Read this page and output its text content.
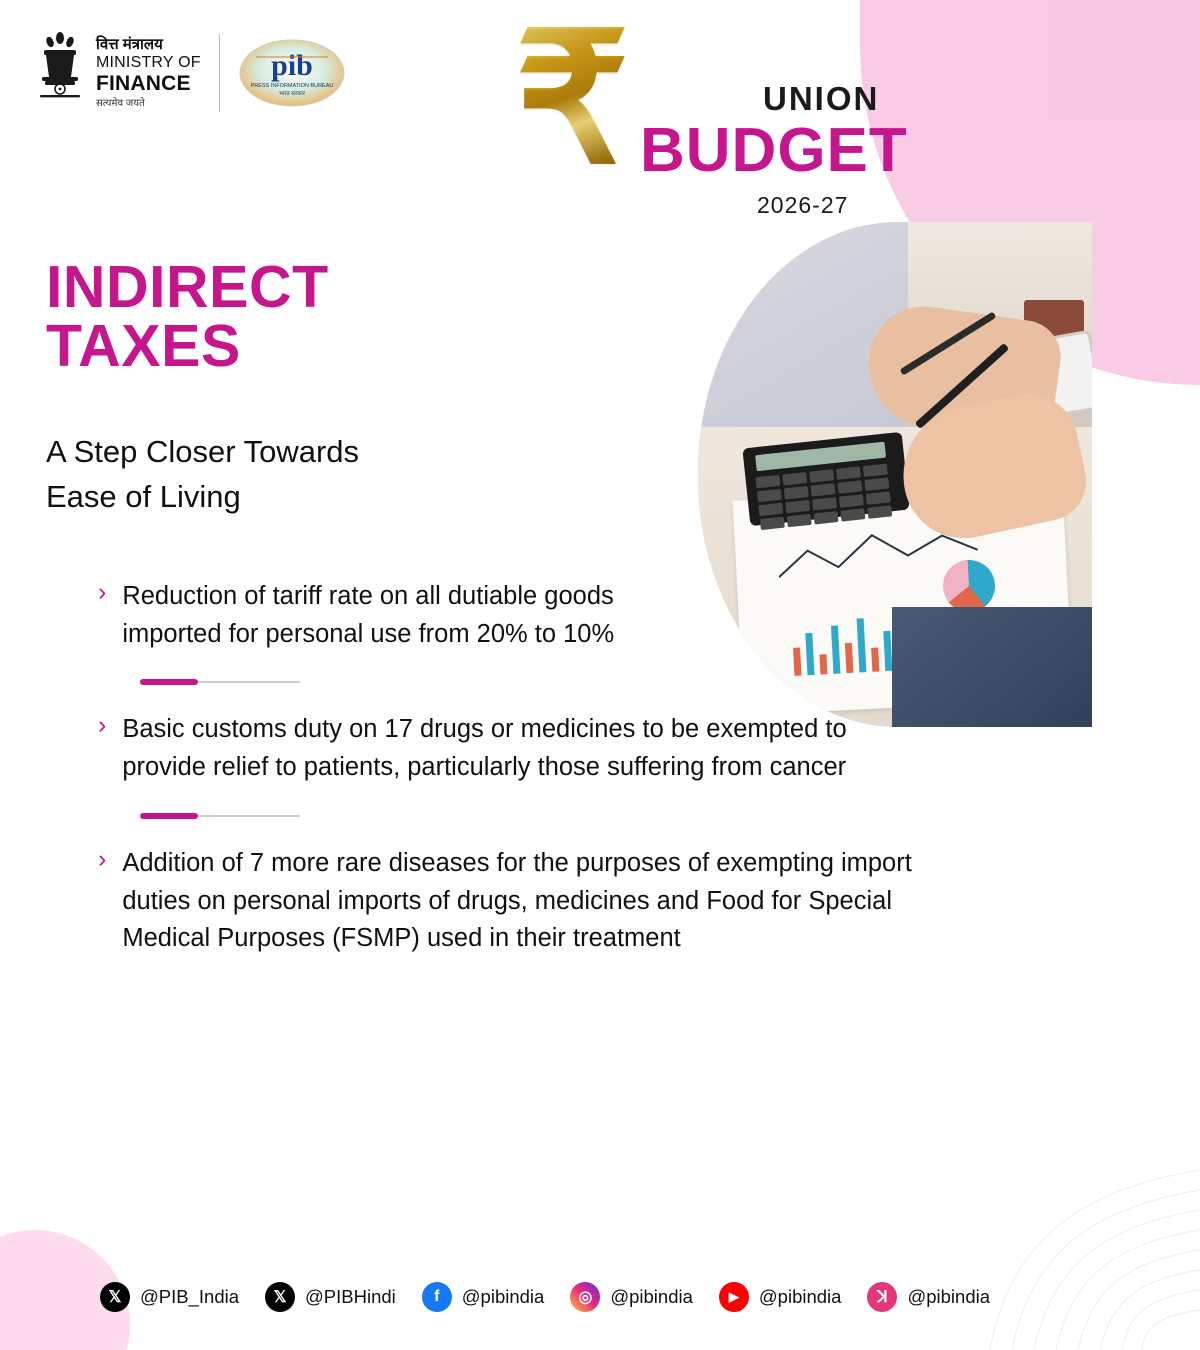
वित्त मंत्रालय
MINISTRY OF
FINANCE
सत्यमेव जयते
pib
PRESS INFORMATION BUREAU
भारत सरकार ₹	UNION
BUDGET
2026-27
INDIRECT
TAXES
A Step Closer Towards
Ease of Living
› Reduction of tariff rate on all dutiable goods imported for personal use from 20% to 10%
› Basic customs duty on 17 drugs or medicines to be exempted to provide relief to patients, particularly those suffering from cancer
› Addition of 7 more rare diseases for the purposes of exempting import duties on personal imports of drugs, medicines and Food for Special Medical Purposes (FSMP) used in their treatment
𝕏	@PIB_India	𝕏	@PIBHindi	f	@pibindia	◎ @pibindia	▶	@pibindia	ꓘ	@pibindia
